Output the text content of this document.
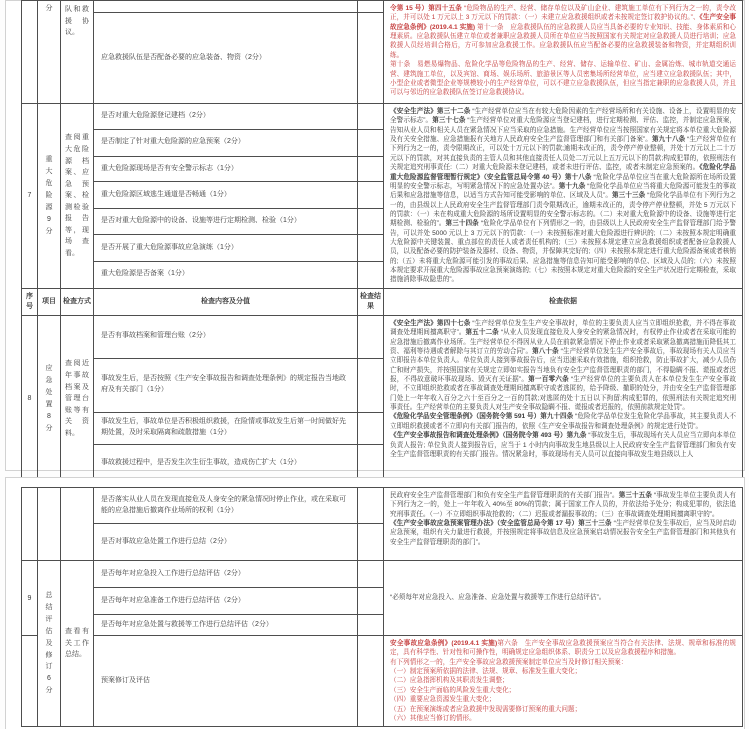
	分	队和救援协议。			令第 15 号）第四十五条 “危险物品的生产、经营、储存单位以及矿山企业、建筑施工单位有下列行为之一的，责令改正，并可以处 1 万元以上 3 万元以下的罚款：（一）未建立应急救援组织或者未按规定签订救护协议的。”、《生产安全事故应急条例》(2019.4.1 实施) 第十一条　应急救援队伍的应急救援人员应当具备必要的专业知识、技能、身体素质和心理素质。应急救援队伍建立单位或者兼职应急救援人员所在单位应当按照国家有关规定对应急救援人员进行培训；应急救援人员经培训合格后，方可参加应急救援工作。应急救援队伍应当配备必要的应急救援装备和物资，并定期组织训练。
第十条　易燃易爆物品、危险化学品等危险物品的生产、经营、储存、运输单位、矿山、金属冶炼、城市轨道交通运营、建筑施工单位，以及宾馆、商场、娱乐场所、旅游景区等人员密集场所经营单位，应当建立应急救援队伍；其中，小型企业或者微型企业等规模较小的生产经营单位，可以不建立应急救援队伍，但应当指定兼职的应急救援人员，并且可以与邻近的应急救援队伍签订应急救援协议。
			应急救援队伍是否配备必要的应急装备、物资（2分）		
7	重大危险源9分	查阅重大危险源档案、应急预案、检测检验报告等，现场查看。	是否对重大危险源登记建档（2分）		《安全生产法》第三十二条 “生产经营单位应当在有较大危险因素的生产经营场所和有关设施、设备上，设置明显的安全警示标志”。第三十七条 “生产经营单位对重大危险源应当登记建档，进行定期检测、评估、监控，并制定应急预案，告知从业人员和相关人员在紧急情况下应当采取的应急措施。生产经营单位应当按照国家有关规定将本单位重大危险源及有关安全措施、应急措施报有关地方人民政府安全生产监督管理部门和有关部门备案”。第九十八条 “生产经营单位有下列行为之一的，责令限期改正，可以处十万元以下的罚款;逾期未改正的，责令停产停业整顿，并处十万元以上二十万元以下的罚款，对其直接负责的主管人员和其他直接责任人员处二万元以上五万元以下的罚款;构成犯罪的，依照刑法有关规定追究刑事责任:（二）对重大危险源未登记建档，或者未进行评估、监控，或者未制定应急预案的。《危险化学品重大危险源监督管理暂行规定》（安全监管总局令第 40 号）第十八条 “危险化学品单位应当在重大危险源所在场所设置明显的安全警示标志，写明紧急情况下的应急处置办法”。第十九条 “危险化学品单位应当将重大危险源可能发生的事故后果和应急措施等信息，以适当方式告知可能受影响的单位、区域及人员”。第三十三条 “危险化学品单位有下列行为之一的，由县级以上人民政府安全生产监督管理部门责令限期改正，逾期未改正的，责令停产停业整顿，并处 5 万元以下的罚款：（一）未在构成重大危险源的场所设置明显的安全警示标志的。（二）未对重大危险源中的设备、设施等进行定期检测、检验的”。第三十四条 “危险化学品单位有下列情形之一的，由县级以上人民政府安全生产监督管理部门给予警告，可以并处 5000 元以上 3 万元以下的罚款：（一）未按照标准对重大危险源进行辨识的;（二）未按照本规定明确重大危险源中关键装置、重点部位的责任人或者责任机构的;（三）未按照本规定建立应急救援组织或者配备应急救援人员，以及配备必要的防护装备及器材、设备、物资，并保障其完好的;（四）未按照本规定进行重大危险源备案或者核销的;（五）未将重大危险源可能引发的事故后果、应急措施等信息告知可能受影响的单位、区域及人员的;（六）未按照本规定要求开展重大危险源事故应急预案演练的;（七）未按照本规定对重大危险源的安全生产状况进行定期检查，采取措施消除事故隐患的”。
			是否制定了针对重大危险源的应急预案（2分）		
			重大危险源现场是否有安全警示标志（1分）		
			重大危险源区域逃生通道是否畅通（1分）		
			是否对重大危险源中的设备、设施等进行定期检测、检验（1分）		
			是否开展了重大危险源事故应急演练（1分）		
			重大危险源是否备案（1分）		
序号	项目	检查方式	检查内容及分值	检查结果	检查依据
8	应急处置8分	查阅近年事故档案及管理台账等有关资料。	是否有事故档案和管理台账（2分）		《安全生产法》第四十七条 “生产经营单位发生生产安全事故时，单位的主要负责人应当立即组织抢救，并不得在事故调查处理期间擅离职守”。第五十二条 “从业人员发现直接危及人身安全的紧急情况时，有权停止作业或者在采取可能的应急措施后撤离作业场所。生产经营单位不得因从业人员在前款紧急情况下停止作业或者采取紧急撤离措施而降低其工资、福利等待遇或者解除与其订立的劳动合同”。第八十条 “生产经营单位发生生产安全事故后，事故现场有关人员应当立即报告本单位负责人。单位负责人接到事故报告后，应当迅速采取有效措施，组织抢救，防止事故扩大，减少人员伤亡和财产损失，并按照国家有关规定立即如实报告当地负有安全生产监督管理职责的部门，不得隐瞒不报、谎报或者迟报，不得故意破坏事故现场、毁灭有关证据”。第一百零六条 “生产经营单位的主要负责人在本单位发生生产安全事故时，不立即组织抢救或者在事故调查处理期间擅离职守或者逃匿的，给予降级、撤职的处分，并由安全生产监督管理部门处上一年年收入百分之六十至百分之一百的罚款;对逃匿的处十五日以下拘留;构成犯罪的，依照刑法有关规定追究刑事责任。生产经营单位的主要负责人对生产安全事故隐瞒不报、谎报或者迟报的，依照前款规定处罚”。
《危险化学品安全管理条例》（国务院令第 591 号）第九十四条 “危险化学品单位发生危险化学品事故，其主要负责人不立即组织救援或者不立即向有关部门报告的，依照《生产安全事故报告和调查处理条例》的规定进行处罚”。
《生产安全事故报告和调查处理条例》（国务院令第 493 号）第九条 “事故发生后，事故现场有关人员应当立即向本单位负责人报告; 单位负责人接到报告后，应当于 1 小时内向事故发生地县级以上人民政府安全生产监督管理部门和负有安全生产监督管理职责的有关部门报告。情况紧急时，事故现场有关人员可以直接向事故发生地县级以上人
			事故发生后，是否按照《生产安全事故报告和调查处理条例》的规定报告当地政府及有关部门（1分）		
			事故发生后，事故单位是否积极组织救援，在险情或事故发生后第一时间做好先期处置，及时采取隔离和疏散措施（1分）		
			事故救援过程中，是否发生次生衍生事故，造成伤亡扩大（1分）		
			是否落实从业人员在发现直接危及人身安全的紧急情况时停止作业，或在采取可能的应急措施后撤离作业场所的权利（1分）		民政府安全生产监督管理部门和负有安全生产监督管理职责的有关部门报告”。第三十五条 “事故发生单位主要负责人有下列行为之一的，处上一年年收入 40%至 80%的罚款；属于国家工作人员的，并依法给予处分；构成犯罪的，依法追究刑事责任。（一）不立即组织事故抢救的；（二）迟报或者漏报事故的；（三）在事故调查处理期间擅离职守的”。
《生产安全事故应急预案管理办法》（安全监管总局令第 17 号）第三十三条 “生产经营单位发生事故后，应当及时启动应急预案，组织有关力量进行救援，并按照规定将事故信息及应急预案启动情况报告安全生产监督管理部门和其他负有安全生产监督管理职责的部门”。
			是否对事故应急处置工作进行总结（2分）		
9	总结评估及修订6分	查看有关工作总结。	是否每年对应急投入工作进行总结评估（2分）		“必须每年对应急投入、应急准备、应急处置与救援等工作进行总结评估”。
			是否每年对应急准备工作进行总结评估（2分）		
			是否每年对应急处置与救援等工作进行总结评估（2分）		
	预案修订及评估		安全事故应急条例》(2019.4.1 实施)第六条　生产安全事故应急救援预案应当符合有关法律、法规、规章和标准的规定，具有科学性、针对性和可操作性，明确规定应急组织体系、职责分工以及应急救援程序和措施。
有下列情形之一的，生产安全事故应急救援预案制定单位应当及时修订相关预案：
（一）制定预案所依据的法律、法规、规章、标准发生重大变化；
（二）应急指挥机构及其职责发生调整；
（三）安全生产面临的风险发生重大变化；
（四）重要应急资源发生重大变化；
（五）在预案演练或者应急救援中发现需要修订预案的重大问题；
（六）其他应当修订的情形。
